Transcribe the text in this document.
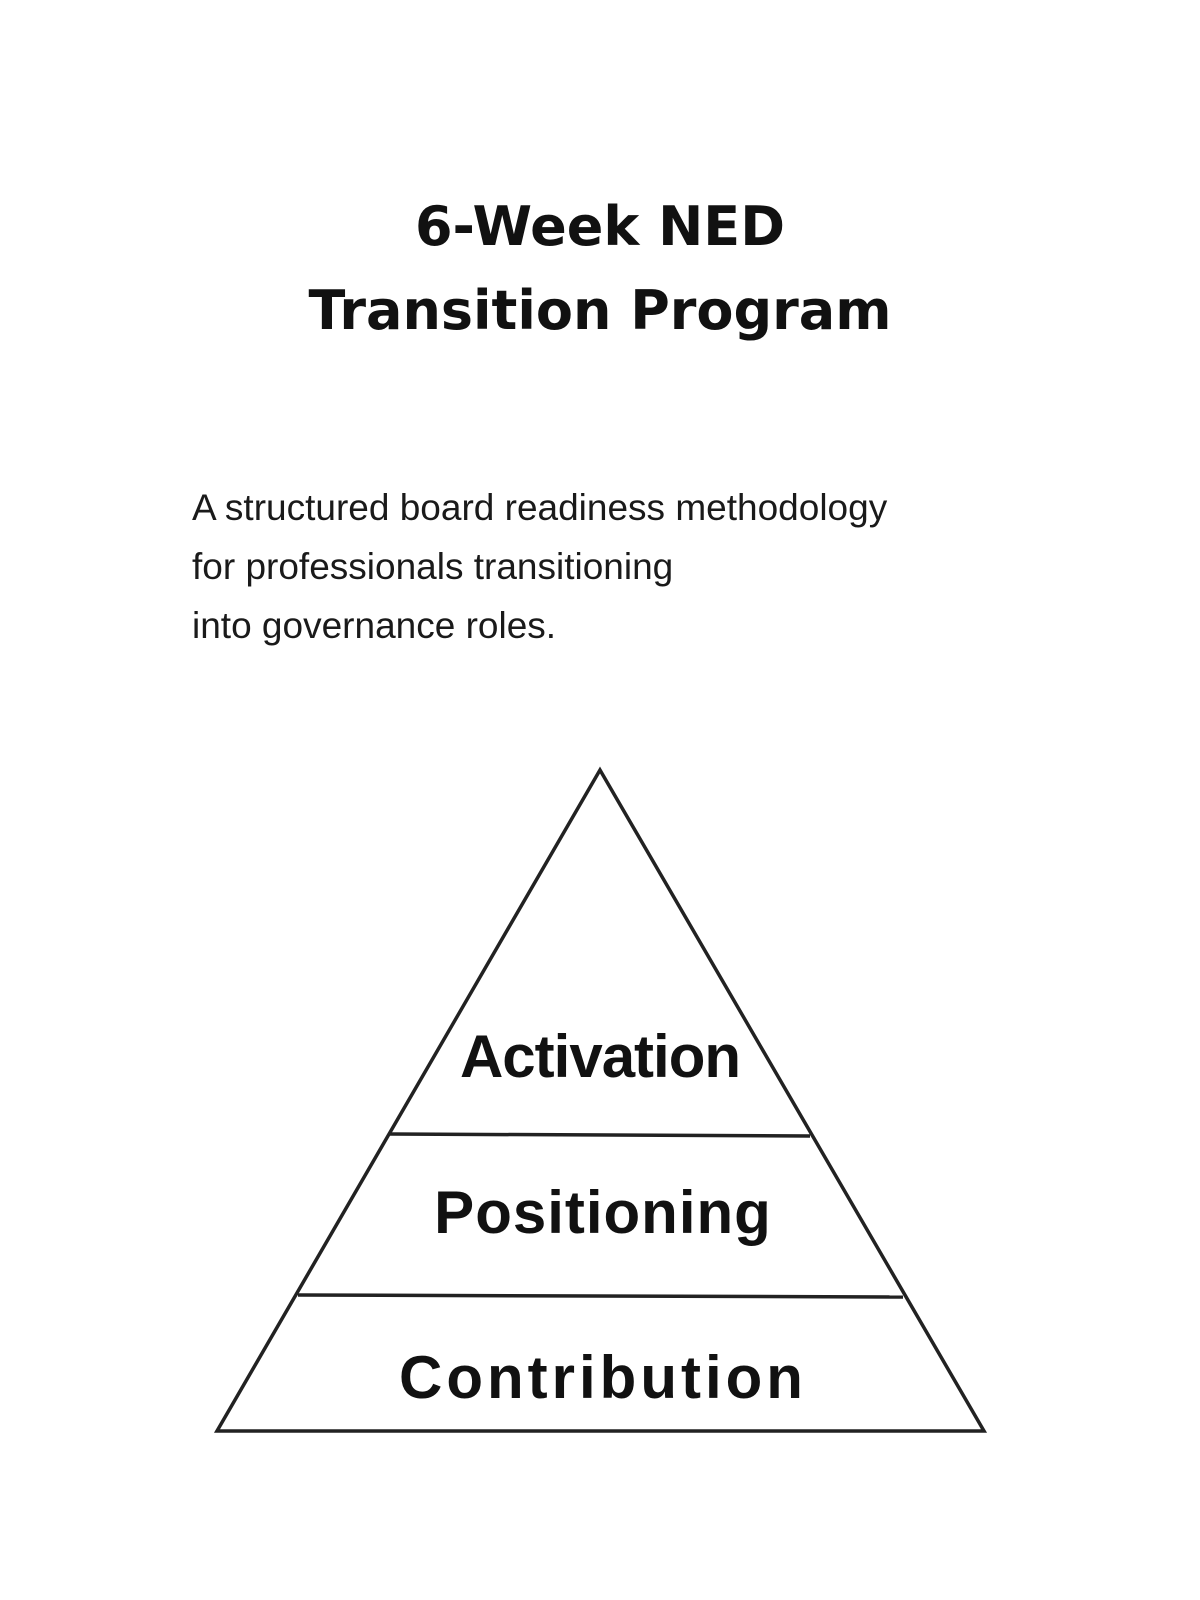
6-Week NED
Transition Program
A structured board readiness methodology
for professionals transitioning
into governance roles.
Activation
Positioning
Contribution
